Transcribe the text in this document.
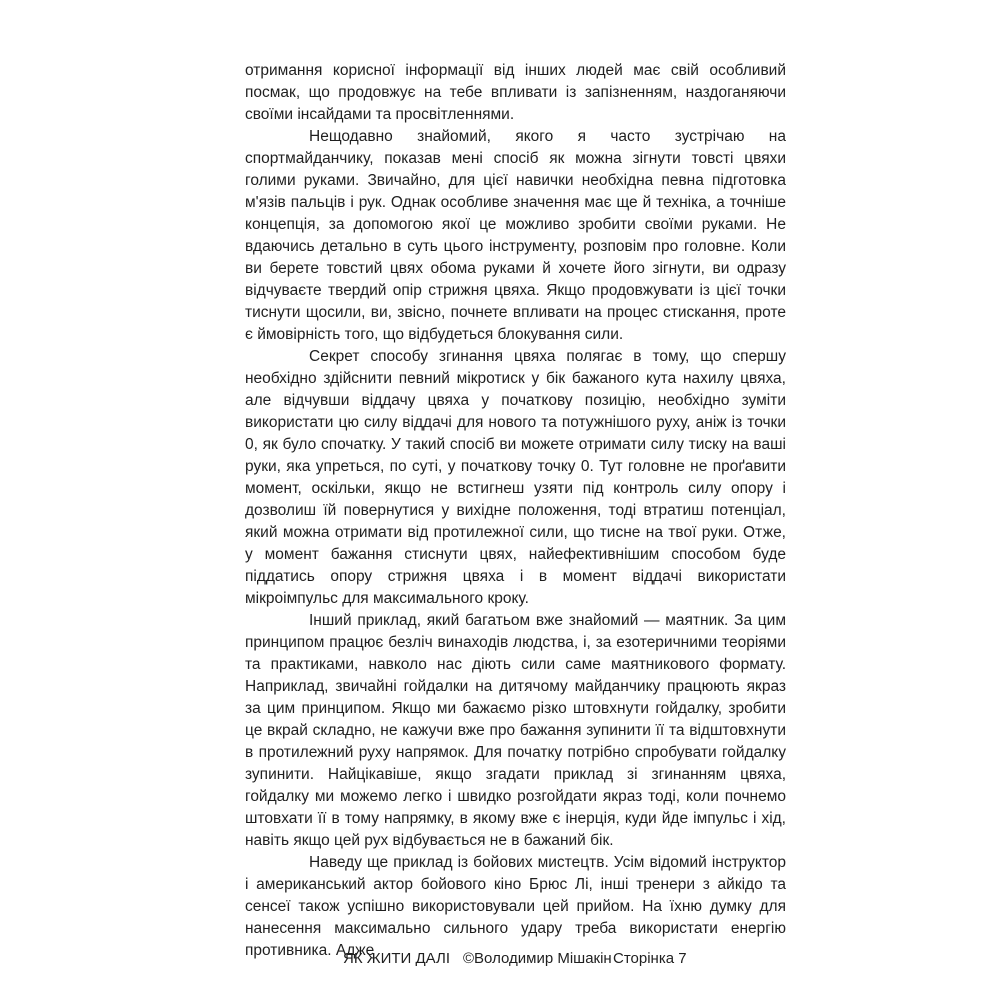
отримання корисної інформації від інших людей має свій особливий посмак, що продовжує на тебе впливати із запізненням, наздоганяючи своїми інсайдами та просвітленнями.

Нещодавно знайомий, якого я часто зустрічаю на спортмайданчику, показав мені спосіб як можна зігнути товсті цвяхи голими руками. Звичайно, для цієї навички необхідна певна підготовка м'язів пальців і рук. Однак особливе значення має ще й техніка, а точніше концепція, за допомогою якої це можливо зробити своїми руками. Не вдаючись детально в суть цього інструменту, розповім про головне. Коли ви берете товстий цвях обома руками й хочете його зігнути, ви одразу відчуваєте твердий опір стрижня цвяха. Якщо продовжувати із цієї точки тиснути щосили, ви, звісно, почнете впливати на процес стискання, проте є ймовірність того, що відбудеться блокування сили.

Секрет способу згинання цвяха полягає в тому, що спершу необхідно здійснити певний мікротиск у бік бажаного кута нахилу цвяха, але відчувши віддачу цвяха у початкову позицію, необхідно зуміти використати цю силу віддачі для нового та потужнішого руху, аніж із точки 0, як було спочатку. У такий спосіб ви можете отримати силу тиску на ваші руки, яка упреться, по суті, у початкову точку 0. Тут головне не проґавити момент, оскільки, якщо не встигнеш узяти під контроль силу опору і дозволиш їй повернутися у вихідне положення, тоді втратиш потенціал, який можна отримати від протилежної сили, що тисне на твої руки. Отже, у момент бажання стиснути цвях, найефективнішим способом буде піддатись опору стрижня цвяха і в момент віддачі використати мікроімпульс для максимального кроку.

Інший приклад, який багатьом вже знайомий — маятник. За цим принципом працює безліч винаходів людства, і, за езотеричними теоріями та практиками, навколо нас діють сили саме маятникового формату. Наприклад, звичайні гойдалки на дитячому майданчику працюють якраз за цим принципом. Якщо ми бажаємо різко штовхнути гойдалку, зробити це вкрай складно, не кажучи вже про бажання зупинити її та відштовхнути в протилежний руху напрямок. Для початку потрібно спробувати гойдалку зупинити. Найцікавіше, якщо згадати приклад зі згинанням цвяха, гойдалку ми можемо легко і швидко розгойдати якраз тоді, коли почнемо штовхати її в тому напрямку, в якому вже є інерція, куди йде імпульс і хід, навіть якщо цей рух відбувається не в бажаний бік.

Наведу ще приклад із бойових мистецтв. Усім відомий інструктор і американський актор бойового кіно Брюс Лі, інші тренери з айкідо та сенсеї також успішно використовували цей прийом. На їхню думку для нанесення максимально сильного удару треба використати енергію противника. Адже

ЯК ЖИТИ ДАЛІ ©Володимир Мішакін Сторінка 7
